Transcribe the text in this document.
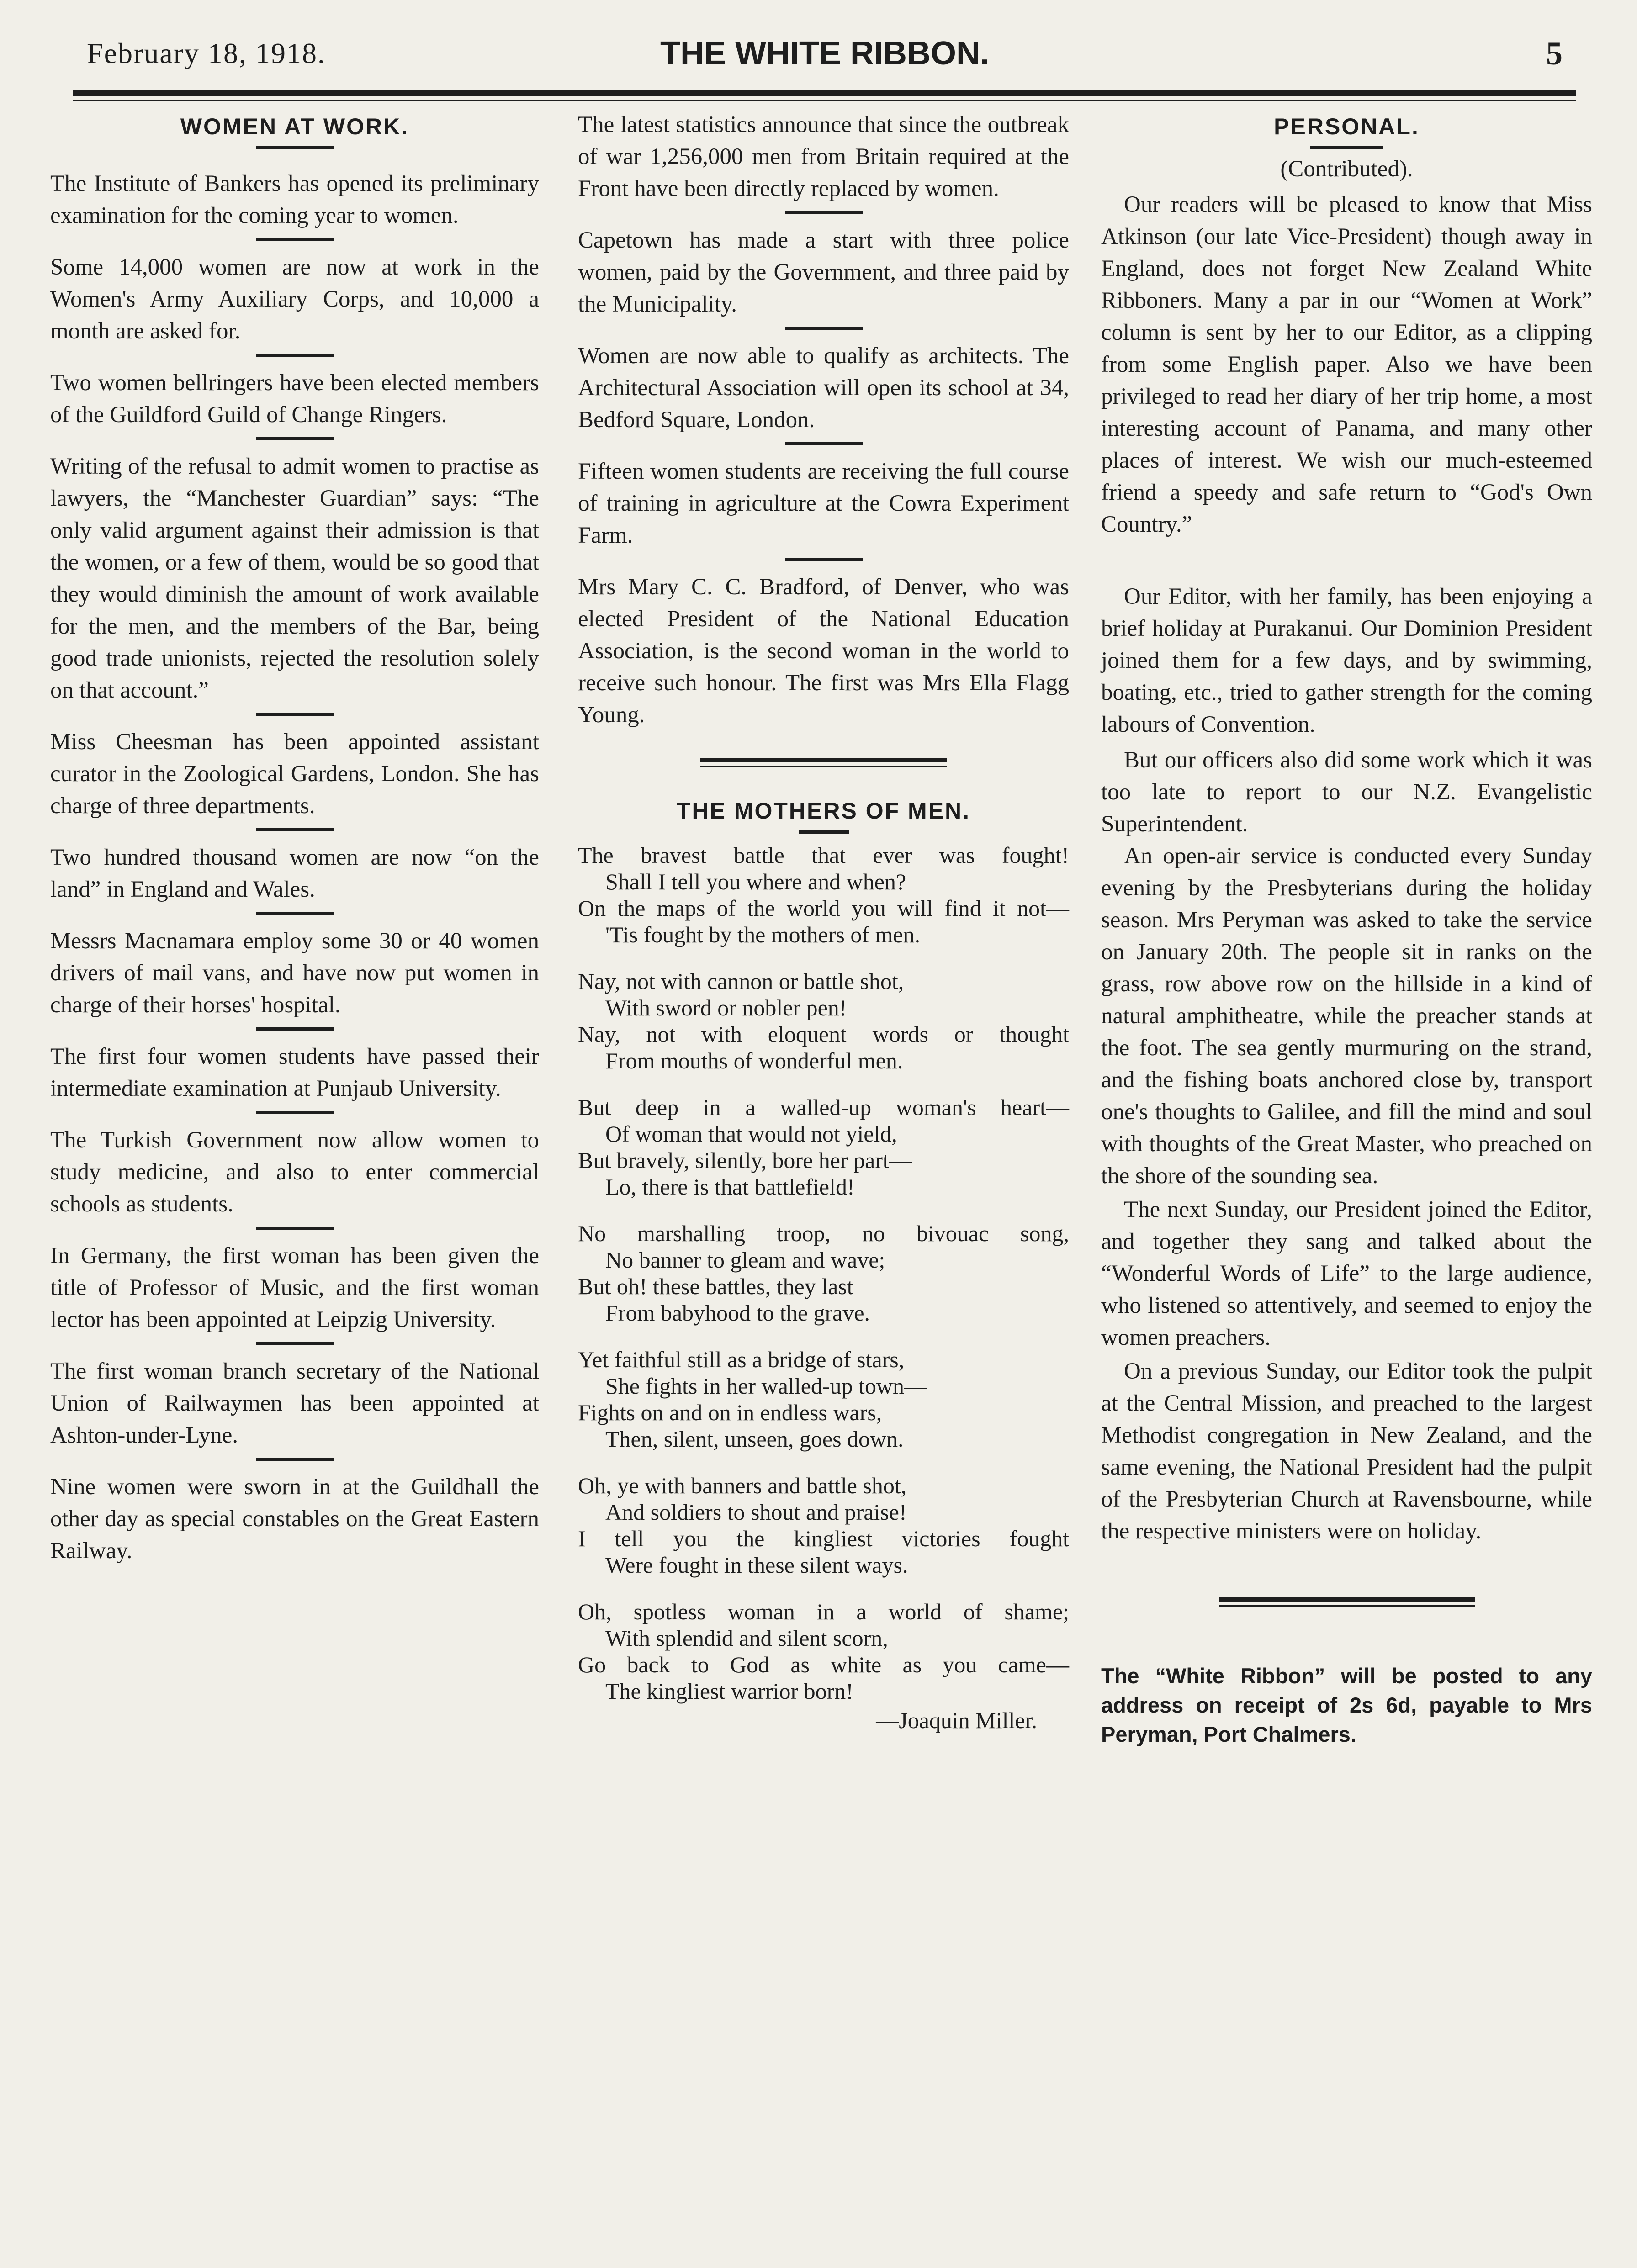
February 18, 1918.	THE WHITE RIBBON.	5

WOMEN AT WORK.

The Institute of Bankers has opened its preliminary examination for the coming year to women.

Some 14,000 women are now at work in the Women's Army Auxiliary Corps, and 10,000 a month are asked for.

Two women bellringers have been elected members of the Guildford Guild of Change Ringers.

Writing of the refusal to admit women to practise as lawyers, the “Manchester Guardian” says: “The only valid argument against their admission is that the women, or a few of them, would be so good that they would diminish the amount of work available for the men, and the members of the Bar, being good trade unionists, rejected the resolution solely on that account.”

Miss Cheesman has been appointed assistant curator in the Zoological Gardens, London. She has charge of three departments.

Two hundred thousand women are now “on the land” in England and Wales.

Messrs Macnamara employ some 30 or 40 women drivers of mail vans, and have now put women in charge of their horses' hospital.

The first four women students have passed their intermediate examination at Punjaub University.

The Turkish Government now allow women to study medicine, and also to enter commercial schools as students.

In Germany, the first woman has been given the title of Professor of Music, and the first woman lector has been appointed at Leipzig University.

The first woman branch secretary of the National Union of Railwaymen has been appointed at Ashton-under-Lyne.

Nine women were sworn in at the Guildhall the other day as special constables on the Great Eastern Railway.

The latest statistics announce that since the outbreak of war 1,256,000 men from Britain required at the Front have been directly replaced by women.

Capetown has made a start with three police women, paid by the Government, and three paid by the Municipality.

Women are now able to qualify as architects. The Architectural Association will open its school at 34, Bedford Square, London.

Fifteen women students are receiving the full course of training in agriculture at the Cowra Experiment Farm.

Mrs Mary C. C. Bradford, of Denver, who was elected President of the National Education Association, is the second woman in the world to receive such honour. The first was Mrs Ella Flagg Young.

THE MOTHERS OF MEN.

The bravest battle that ever was fought!

Shall I tell you where and when?

On the maps of the world you will find it not—

'Tis fought by the mothers of men.

Nay, not with cannon or battle shot,

With sword or nobler pen!

Nay, not with eloquent words or thought

From mouths of wonderful men.

But deep in a walled-up woman's heart—

Of woman that would not yield,

But bravely, silently, bore her part—

Lo, there is that battlefield!

No marshalling troop, no bivouac song,

No banner to gleam and wave;

But oh! these battles, they last

From babyhood to the grave.

Yet faithful still as a bridge of stars,

She fights in her walled-up town—

Fights on and on in endless wars,

Then, silent, unseen, goes down.

Oh, ye with banners and battle shot,

And soldiers to shout and praise!

I tell you the kingliest victories fought

Were fought in these silent ways.

Oh, spotless woman in a world of shame;

With splendid and silent scorn,

Go back to God as white as you came—

The kingliest warrior born!

—Joaquin Miller.

PERSONAL.

(Contributed).

Our readers will be pleased to know that Miss Atkinson (our late Vice-President) though away in England, does not forget New Zealand White Ribboners. Many a par in our “Women at Work” column is sent by her to our Editor, as a clipping from some English paper. Also we have been privileged to read her diary of her trip home, a most interesting account of Panama, and many other places of interest. We wish our much-esteemed friend a speedy and safe return to “God's Own Country.”

Our Editor, with her family, has been enjoying a brief holiday at Purakanui. Our Dominion President joined them for a few days, and by swimming, boating, etc., tried to gather strength for the coming labours of Convention.

But our officers also did some work which it was too late to report to our N.Z. Evangelistic Superintendent.

An open-air service is conducted every Sunday evening by the Presbyterians during the holiday season. Mrs Peryman was asked to take the service on January 20th. The people sit in ranks on the grass, row above row on the hillside in a kind of natural amphitheatre, while the preacher stands at the foot. The sea gently murmuring on the strand, and the fishing boats anchored close by, transport one's thoughts to Galilee, and fill the mind and soul with thoughts of the Great Master, who preached on the shore of the sounding sea.

The next Sunday, our President joined the Editor, and together they sang and talked about the “Wonderful Words of Life” to the large audience, who listened so attentively, and seemed to enjoy the women preachers.

On a previous Sunday, our Editor took the pulpit at the Central Mission, and preached to the largest Methodist congregation in New Zealand, and the same evening, the National President had the pulpit of the Presbyterian Church at Ravensbourne, while the respective ministers were on holiday.

The “White Ribbon” will be posted to any address on receipt of 2s 6d, payable to Mrs Peryman, Port Chalmers.
